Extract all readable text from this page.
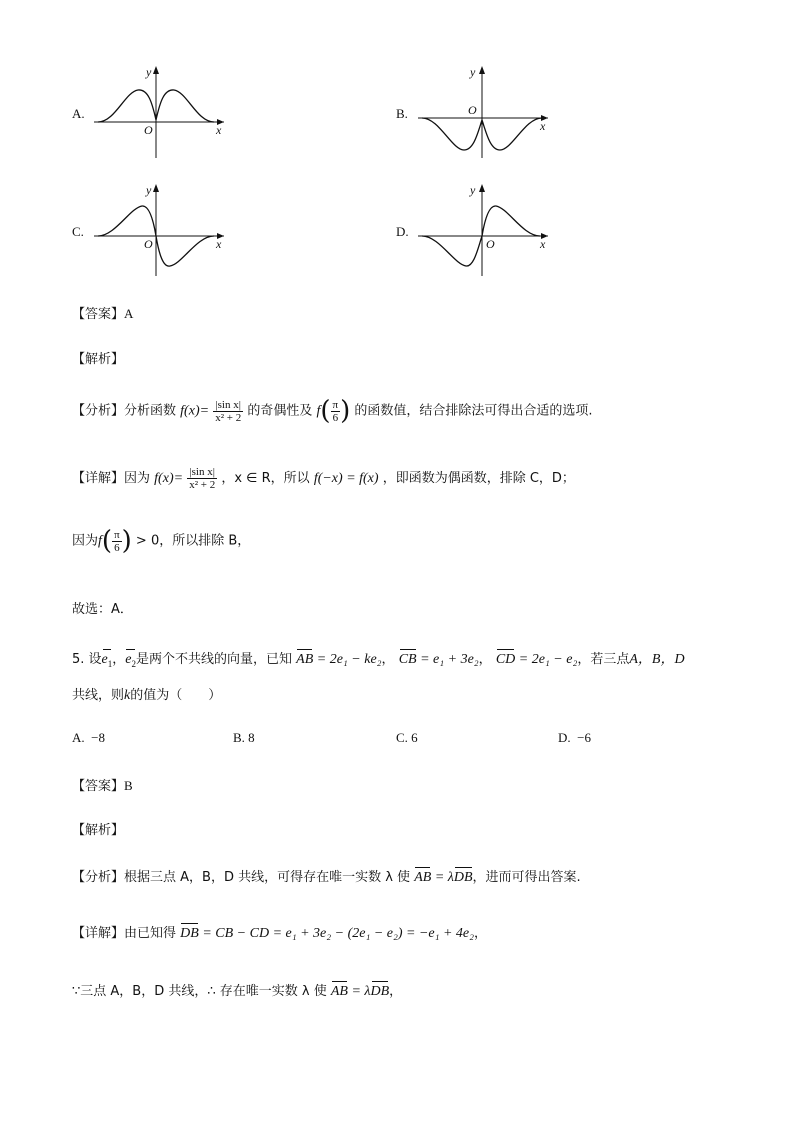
A.
O	x
y
B.	O
x
y
C.
O	x
y
D.
O	x
y
【答案】A
【解析】
【分析】分析函数 $f(x)= \frac{\text{|sin x|}}{\text{x² + 2}}$ 的奇偶性及 $f( \frac{\pi}{6}$ ) 的函数值，结合排除法可得出合适的选项.
【详解】因为 $f(x)= \frac{\text{|sin x|}}{\text{x² + 2}}$ ，x ∈ R，所以 f(−x) = f(x) ，即函数为偶函数，排除 C，D；
因为$f( \frac{\pi}{6}$ ) > 0，所以排除 B，
故选：A．
5. 设$e_1$，$e_2$是两个不共线的向量，已知 AB = 2e₁ − ke₂， CB = e₁ + 3e₂， CD = 2e₁ − e₂，若三点A，B，D
共线，则k的值为（　　）
A. −8	B. 8	C. 6	D. −6
【答案】B
【解析】
【分析】根据三点 A，B，D 共线，可得存在唯一实数 λ 使 AB = λDB，进而可得出答案.
【详解】由已知得 DB = CB − CD = e₁ + 3e₂ − (2e₁ − e₂) = −e₁ + 4e₂，
∵三点 A，B，D 共线，∴ 存在唯一实数 λ 使 AB = λDB，
